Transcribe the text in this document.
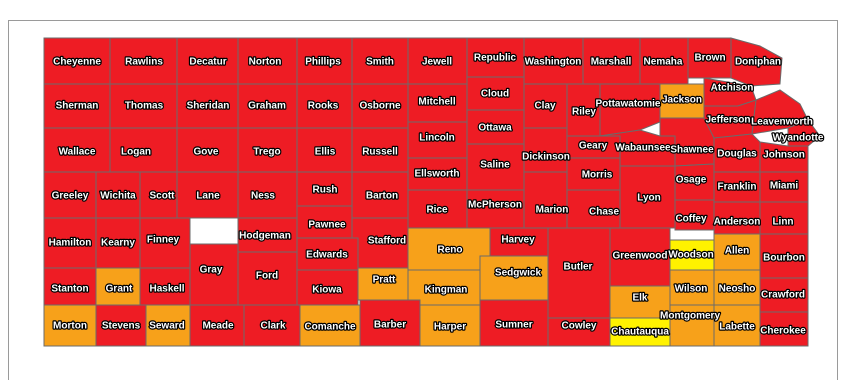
Cheyenne Rawlins	Decatur Norton Phillips	Smith	Jewell Republic Washington Marshall Nemaha Brown Doniphan
Sherman	Thomas Sheridan Graham Rooks Osborne Mitchell
Cloud
Clay
Riley
Pottawatomie Jackson
Atchison
Jefferson Leavenworth
Wyandotte
Wallace	Logan	Gove	Trego	Ellis	Russell
Lincoln
Ottawa
Dickinson
Geary Wabaunsee Shawnee Douglas Johnson
Saline
Morris
Ellsworth
Osage
Franklin Miami
Greeley Wichita Scott Lane	Ness
Rush
Barton
Rice McPherson Marion Chase
Lyon
Coffey Anderson Linn
Pawnee
Hodgeman
Hamilton Kearny Finney	Stafford
Reno
Harvey
Edwards
Gray
Ford	Sedgwick
Butler
Greenwood Woodson Allen
Bourbon
Stanton Grant Haskell
Pratt
Kiowa	Kingman	Wilson Neosho
Crawford
Elk
Montgomery
Morton Stevens Seward Meade	Clark Comanche Barber	Harper	Sumner	Cowley
Chautauqua	Labette Cherokee
